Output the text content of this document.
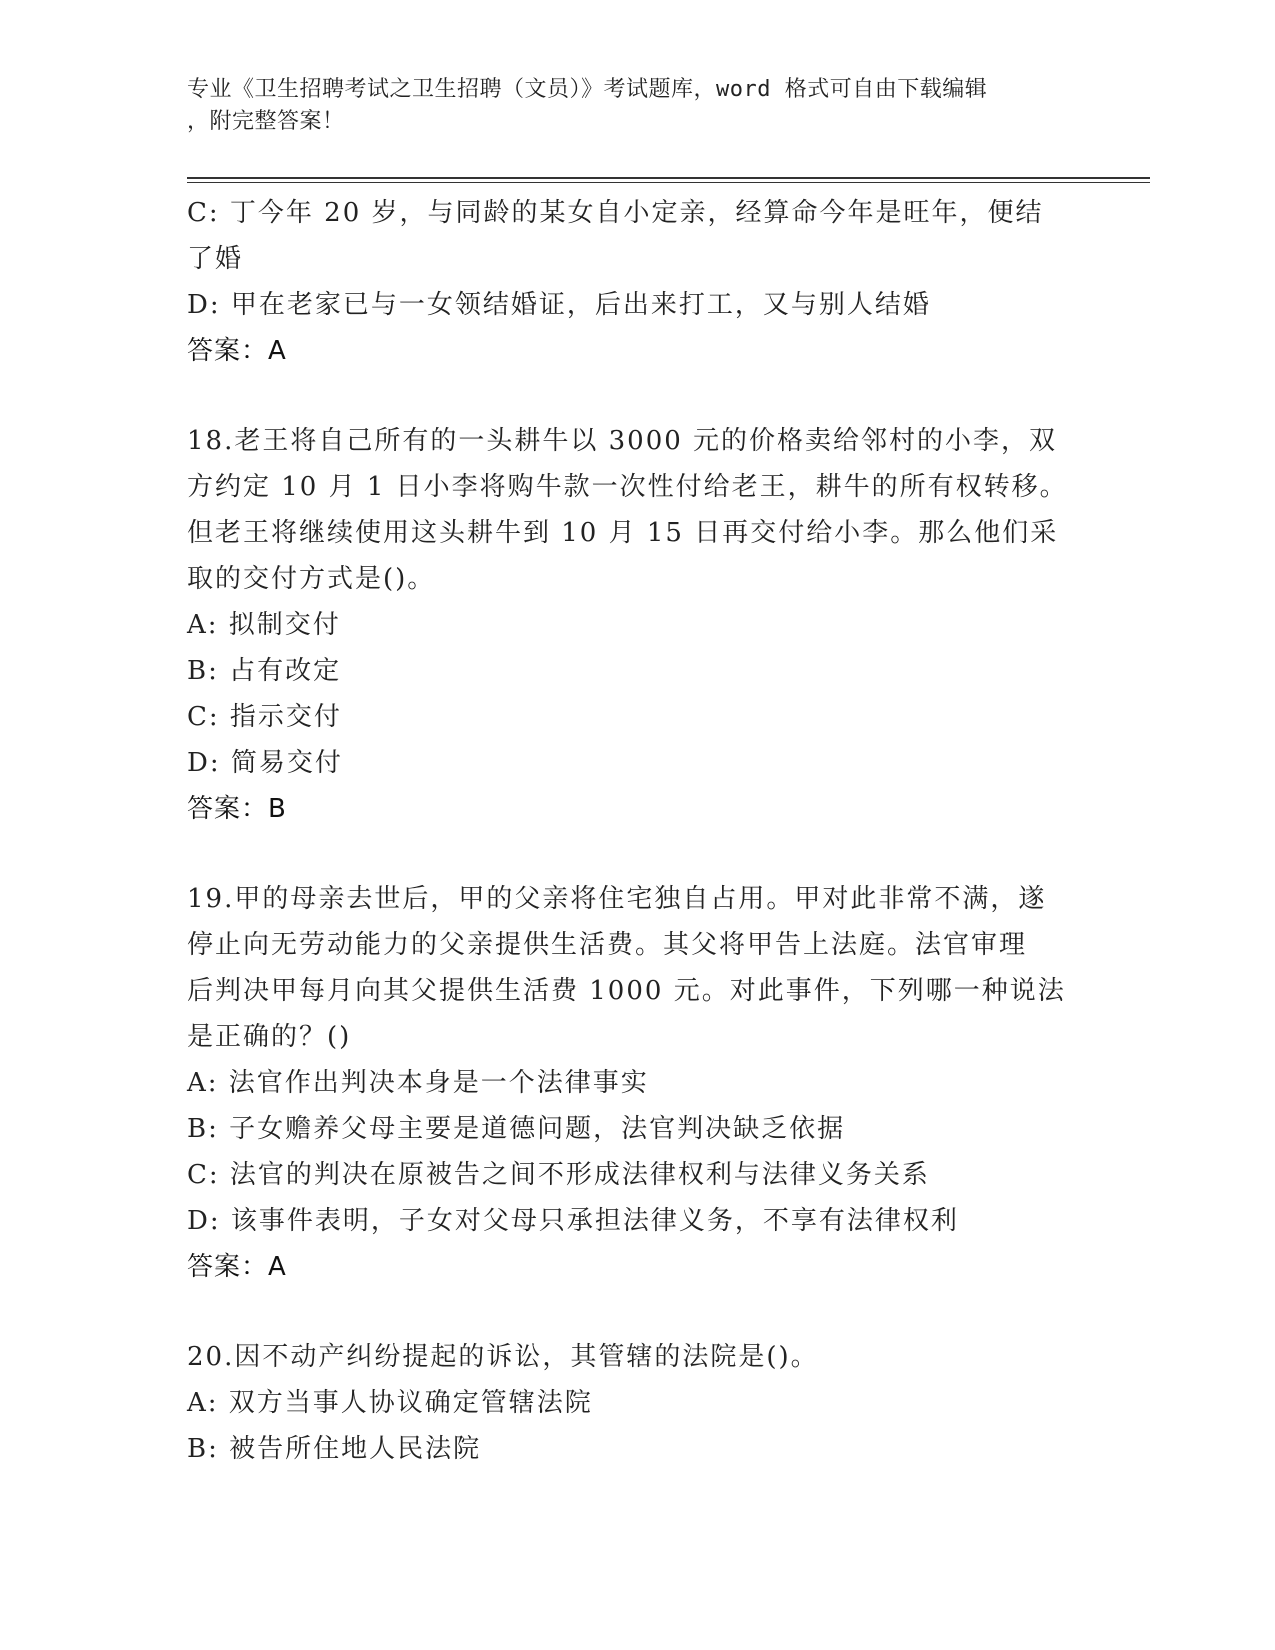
专业《卫生招聘考试之卫生招聘（文员）》考试题库，word 格式可自由下载编辑
，附完整答案！
C: 丁今年 20 岁，与同龄的某女自小定亲，经算命今年是旺年，便结
了婚
D: 甲在老家已与一女领结婚证，后出来打工，又与别人结婚
答案：A
18.老王将自己所有的一头耕牛以 3000 元的价格卖给邻村的小李，双
方约定 10 月 1 日小李将购牛款一次性付给老王，耕牛的所有权转移。
但老王将继续使用这头耕牛到 10 月 15 日再交付给小李。那么他们采
取的交付方式是()。
A: 拟制交付
B: 占有改定
C: 指示交付
D: 简易交付
答案：B
19.甲的母亲去世后，甲的父亲将住宅独自占用。甲对此非常不满，遂
停止向无劳动能力的父亲提供生活费。其父将甲告上法庭。法官审理
后判决甲每月向其父提供生活费 1000 元。对此事件，下列哪一种说法
是正确的？()
A: 法官作出判决本身是一个法律事实
B: 子女赡养父母主要是道德问题，法官判决缺乏依据
C: 法官的判决在原被告之间不形成法律权利与法律义务关系
D: 该事件表明，子女对父母只承担法律义务，不享有法律权利
答案：A
20.因不动产纠纷提起的诉讼，其管辖的法院是()。
A: 双方当事人协议确定管辖法院
B: 被告所住地人民法院
